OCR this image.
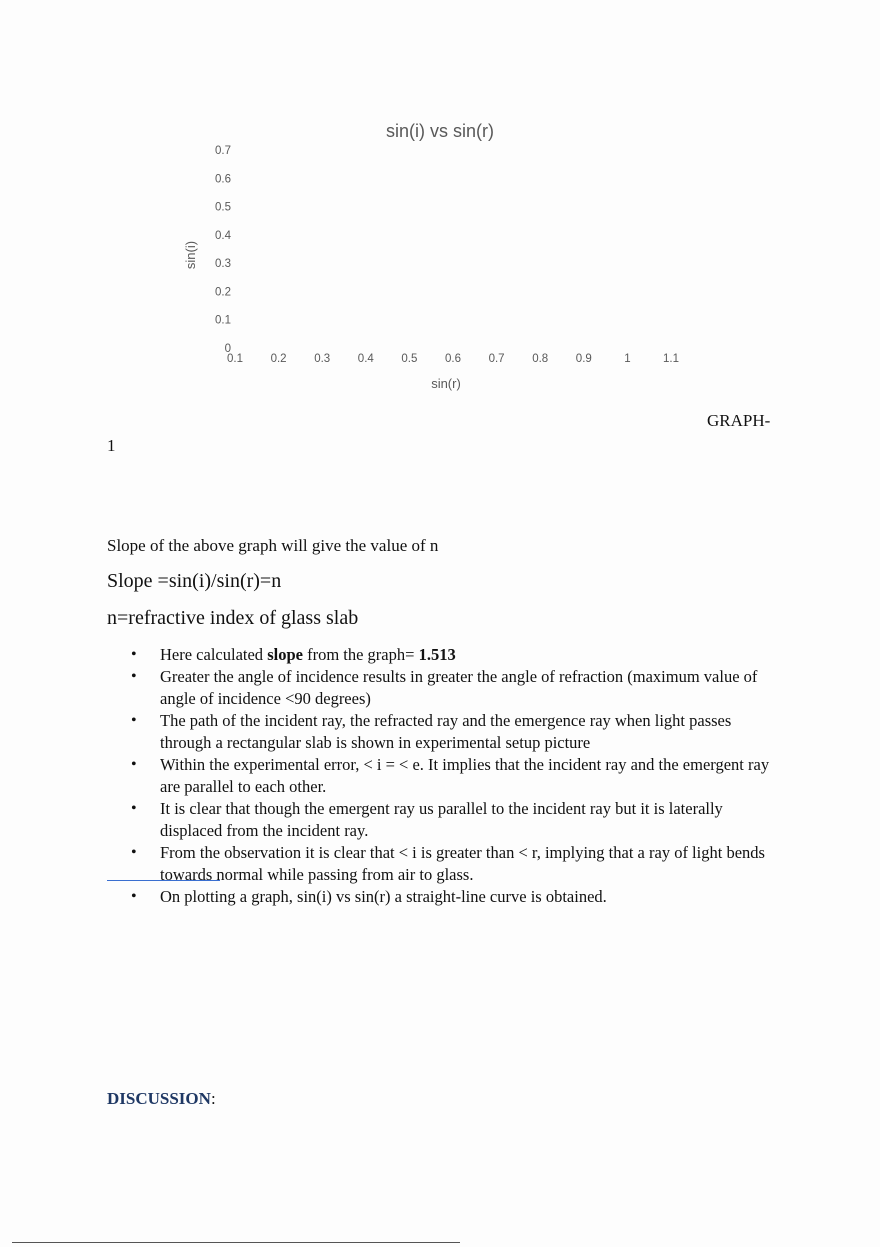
sin(i) vs sin(r)
0
0.1
0.2
0.3
0.4
0.5
0.6
0.7
0.1 0.2 0.3 0.4 0.5 0.6 0.7 0.8 0.9	1	1.1
sin(r)
sin(i)
GRAPH-
1
Slope of the above graph will give the value of n
Slope =sin(i)/sin(r)=n
n=refractive index of glass slab
• Here calculated slope from the graph= 1.513
• Greater the angle of incidence results in greater the angle of refraction (maximum value of angle of incidence <90 degrees)
• The path of the incident ray, the refracted ray and the emergence ray when light passes through a rectangular slab is shown in experimental setup picture
• Within the experimental error, < i = < e. It implies that the incident ray and the emergent ray are parallel to each other.
• It is clear that though the emergent ray us parallel to the incident ray but it is laterally displaced from the incident ray.
• From the observation it is clear that < i is greater than < r, implying that a ray of light bends towards normal while passing from air to glass.
• On plotting a graph, sin(i) vs sin(r) a straight-line curve is obtained.
DISCUSSION:
